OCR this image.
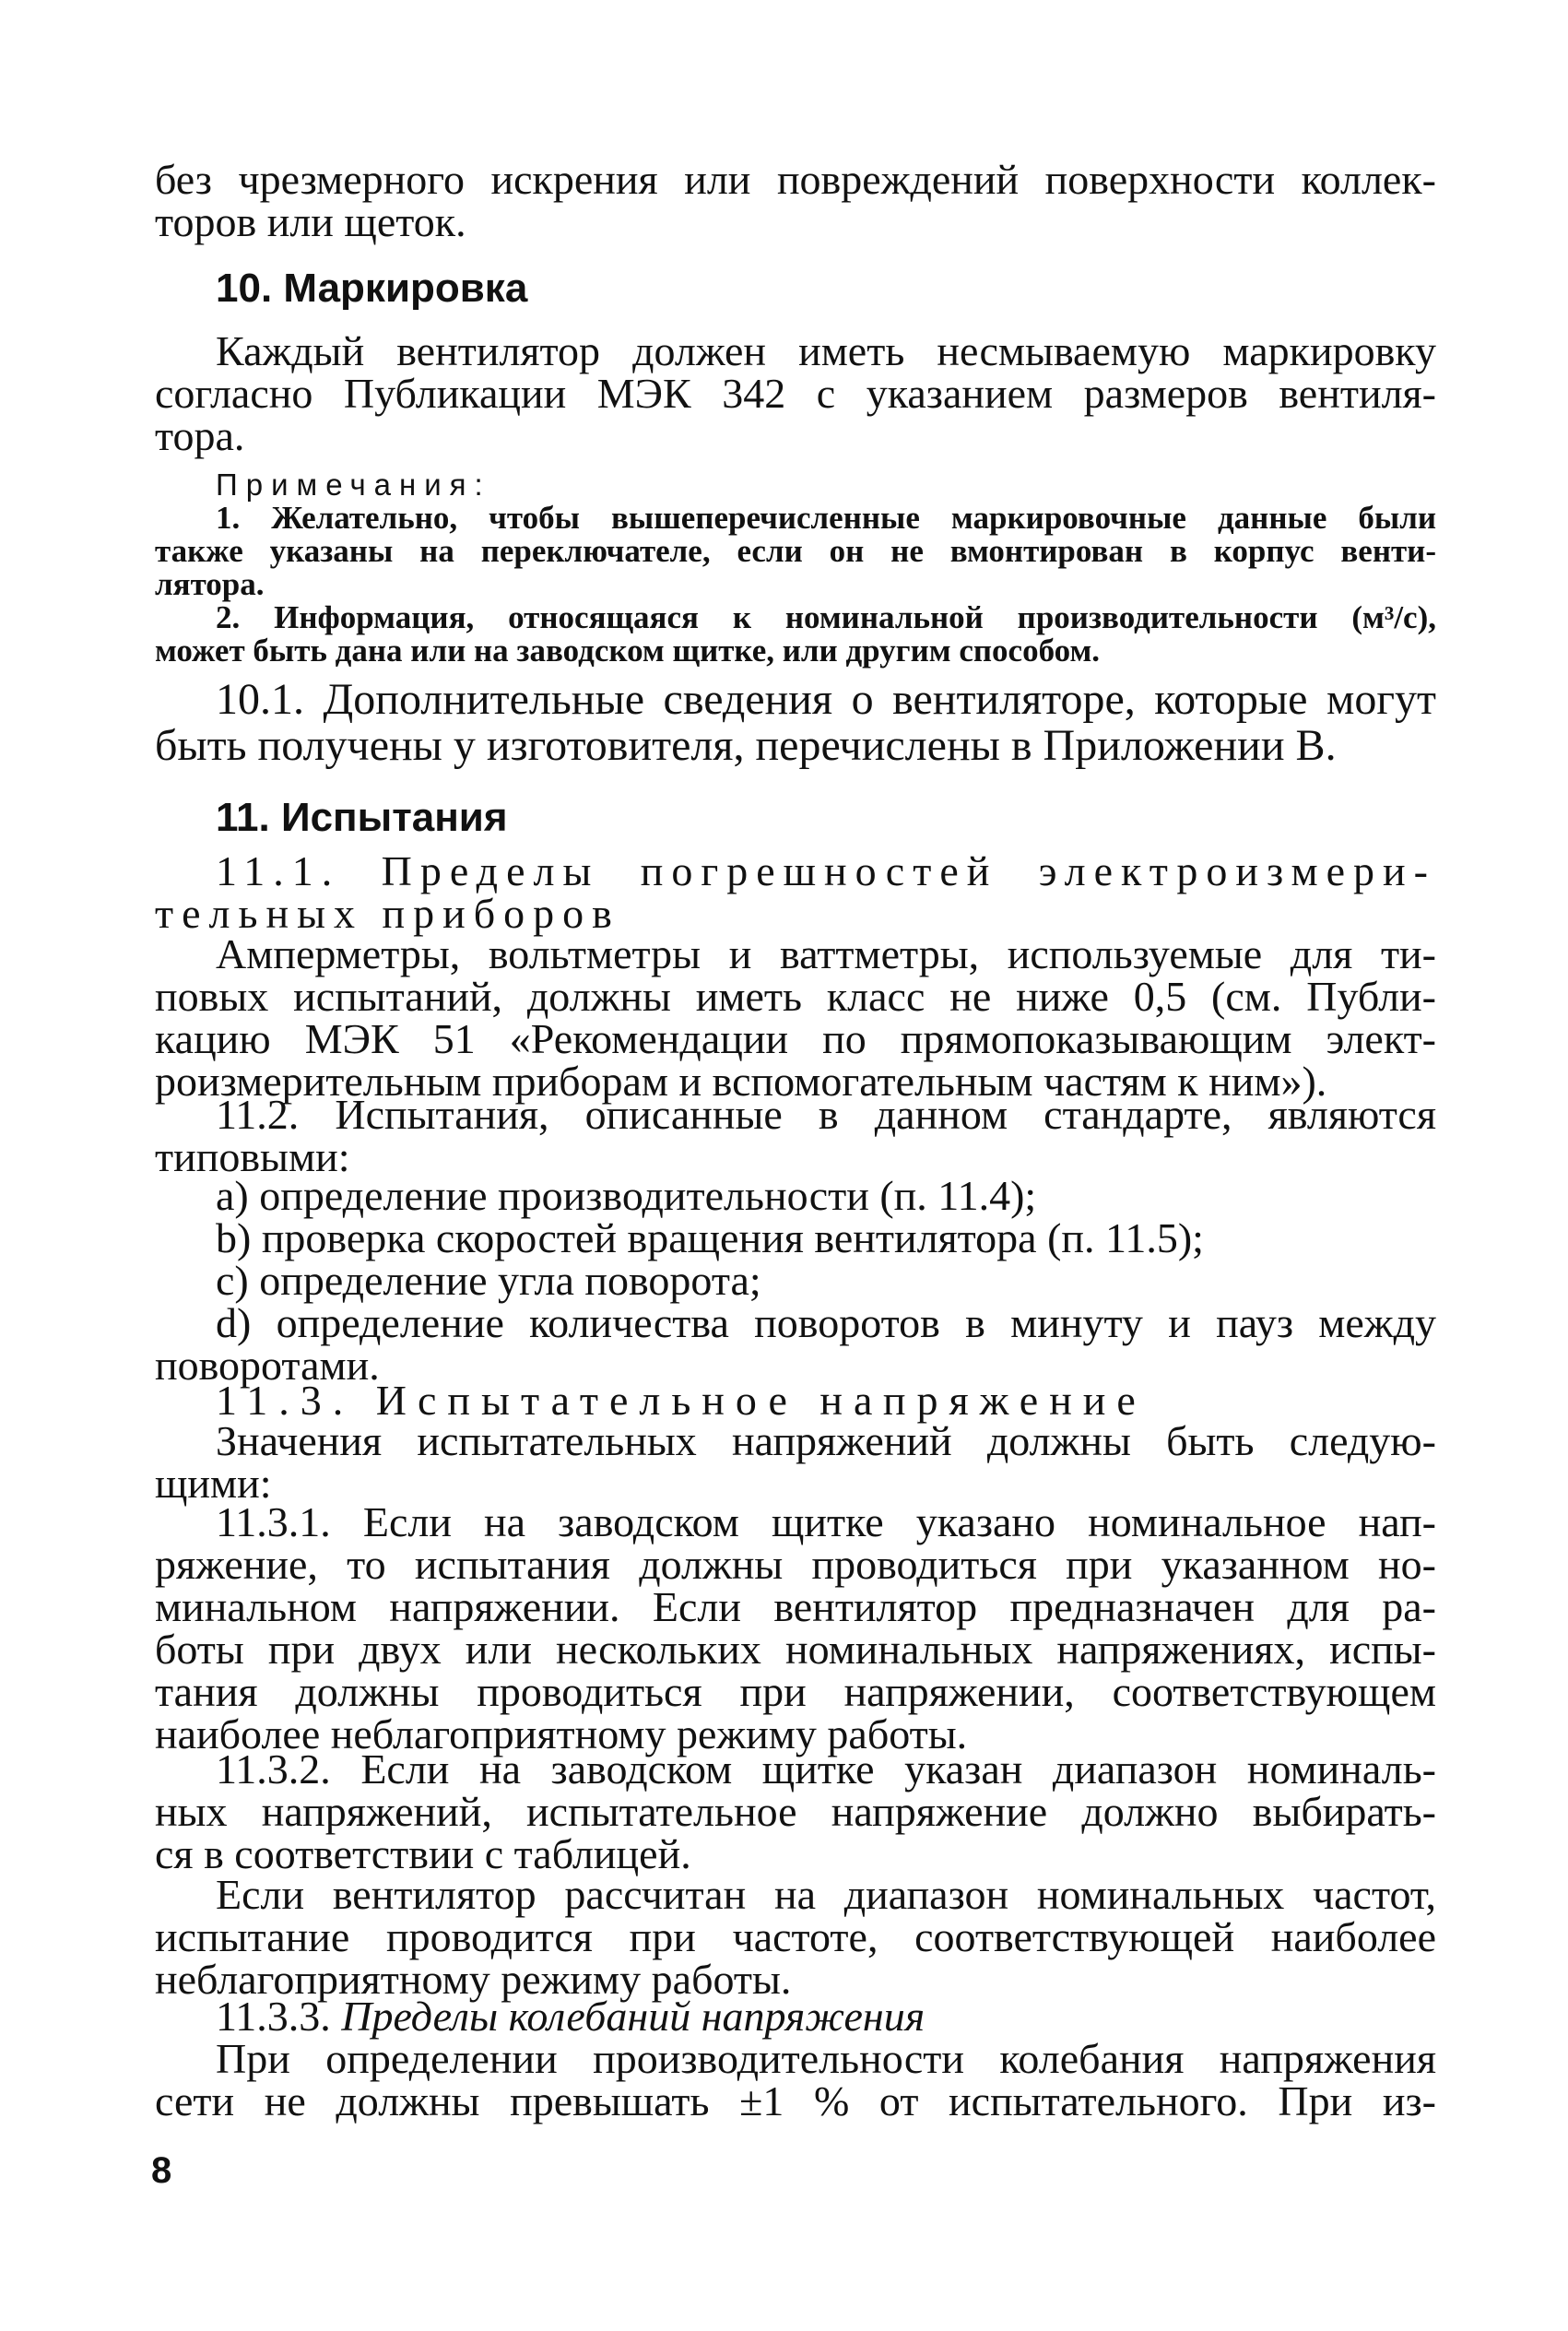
без чрезмерного искрения или повреждений поверхности коллек-

торов или щеток.

10. Маркировка

Каждый вентилятор должен иметь несмываемую маркировку

согласно Публикации МЭК 342 с указанием размеров вентиля-

тора.

Примечания:

1. Желательно, чтобы вышеперечисленные маркировочные данные были

также указаны на переключателе, если он не вмонтирован в корпус венти-

лятора.

2. Информация, относящаяся к номинальной производительности (м³/с),

может быть дана или на заводском щитке, или другим способом.

10.1. Дополнительные сведения о вентиляторе, которые могут

быть получены у изготовителя, перечислены в Приложении В.

11. Испытания

11.1. Пределы погрешностей электроизмери-

тельных приборов

Амперметры, вольтметры и ваттметры, используемые для ти-

повых испытаний, должны иметь класс не ниже 0,5 (см. Публи-

кацию МЭК 51 «Рекомендации по прямопоказывающим элект-

роизмерительным приборам и вспомогательным частям к ним»).

11.2. Испытания, описанные в данном стандарте, являются

типовыми:

a) определение производительности (п. 11.4);

b) проверка скоростей вращения вентилятора (п. 11.5);

c) определение угла поворота;

d) определение количества поворотов в минуту и пауз между

поворотами.

11.3. Испытательное напряжение

Значения испытательных напряжений должны быть следую-

щими:

11.3.1. Если на заводском щитке указано номинальное нап-

ряжение, то испытания должны проводиться при указанном но-

минальном напряжении. Если вентилятор предназначен для ра-

боты при двух или нескольких номинальных напряжениях, испы-

тания должны проводиться при напряжении, соответствующем

наиболее неблагоприятному режиму работы.

11.3.2. Если на заводском щитке указан диапазон номиналь-

ных напряжений, испытательное напряжение должно выбирать-

ся в соответствии с таблицей.

Если вентилятор рассчитан на диапазон номинальных частот,

испытание проводится при частоте, соответствующей наиболее

неблагоприятному режиму работы.

11.3.3. Пределы колебаний напряжения

При определении производительности колебания напряжения

сети не должны превышать ±1 % от испытательного. При из-

8
